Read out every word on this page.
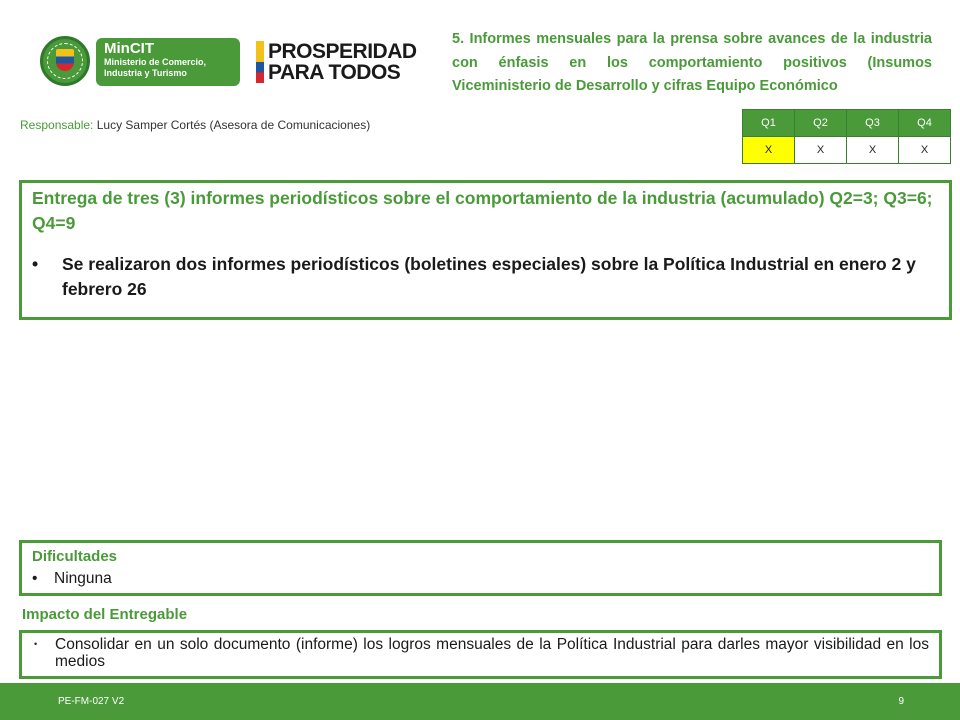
MinCIT
Ministerio de Comercio,
Industria y Turismo
PROSPERIDAD
PARA TODOS
5. Informes mensuales para la prensa sobre avances de la industria con énfasis en los comportamiento positivos (Insumos Viceministerio de Desarrollo y cifras Equipo Económico
Responsable: Lucy Samper Cortés (Asesora de Comunicaciones)	Q1	Q2	Q3	Q4
X	X	X	X
Entrega de tres (3) informes periodísticos sobre el comportamiento de la industria (acumulado) Q2=3; Q3=6; Q4=9
• Se realizaron dos informes periodísticos (boletines especiales) sobre la Política Industrial en enero 2 y febrero 26
Dificultades
• Ninguna
Impacto del Entregable
• Consolidar en un solo documento (informe) los logros mensuales de la Política Industrial para darles mayor visibilidad en los medios
PE-FM-027 V2	9
